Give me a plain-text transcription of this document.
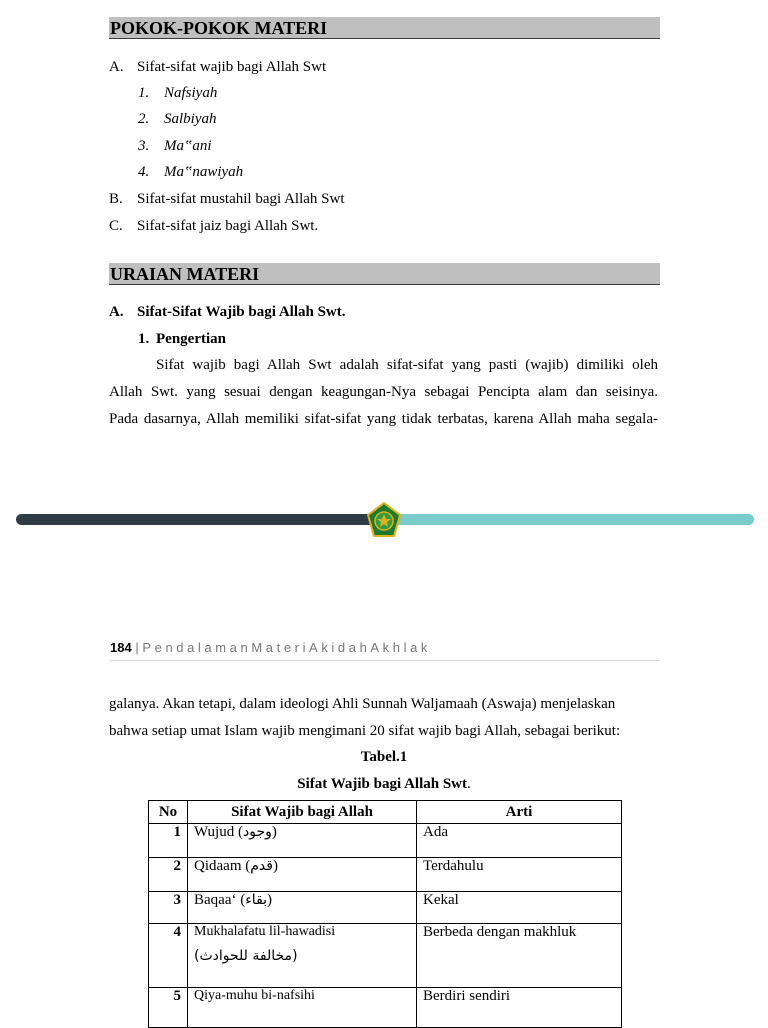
POKOK-POKOK MATERI
A. Sifat-sifat wajib bagi Allah Swt
1. Nafsiyah
2. Salbiyah
3. Ma‟ani
4. Ma‟nawiyah
B. Sifat-sifat mustahil bagi Allah Swt
C. Sifat-sifat jaiz bagi Allah Swt.
URAIAN MATERI
A. Sifat-Sifat Wajib bagi Allah Swt.
1. Pengertian
Sifat wajib bagi Allah Swt adalah sifat-sifat yang pasti (wajib) dimiliki oleh
Allah Swt. yang sesuai dengan keagungan-Nya sebagai Pencipta alam dan seisinya.
Pada dasarnya, Allah memiliki sifat-sifat yang tidak terbatas, karena Allah maha segala-
184 | PendalamanMateriAkidahAkhlak
galanya. Akan tetapi, dalam ideologi Ahli Sunnah Waljamaah (Aswaja) menjelaskan
bahwa setiap umat Islam wajib mengimani 20 sifat wajib bagi Allah, sebagai berikut:
Tabel.1
Sifat Wajib bagi Allah Swt.
No	Sifat Wajib bagi Allah	Arti
1	Wujud (وجود)	Ada
2	Qidaam (قدم)	Terdahulu
3	Baqaa‘ (بقاء)	Kekal
4	Mukhalafatu lil-hawadisi
(مخالفة للحوادث)	Berbeda dengan makhluk
5	Qiya-muhu bi-nafsihi	Berdiri sendiri
